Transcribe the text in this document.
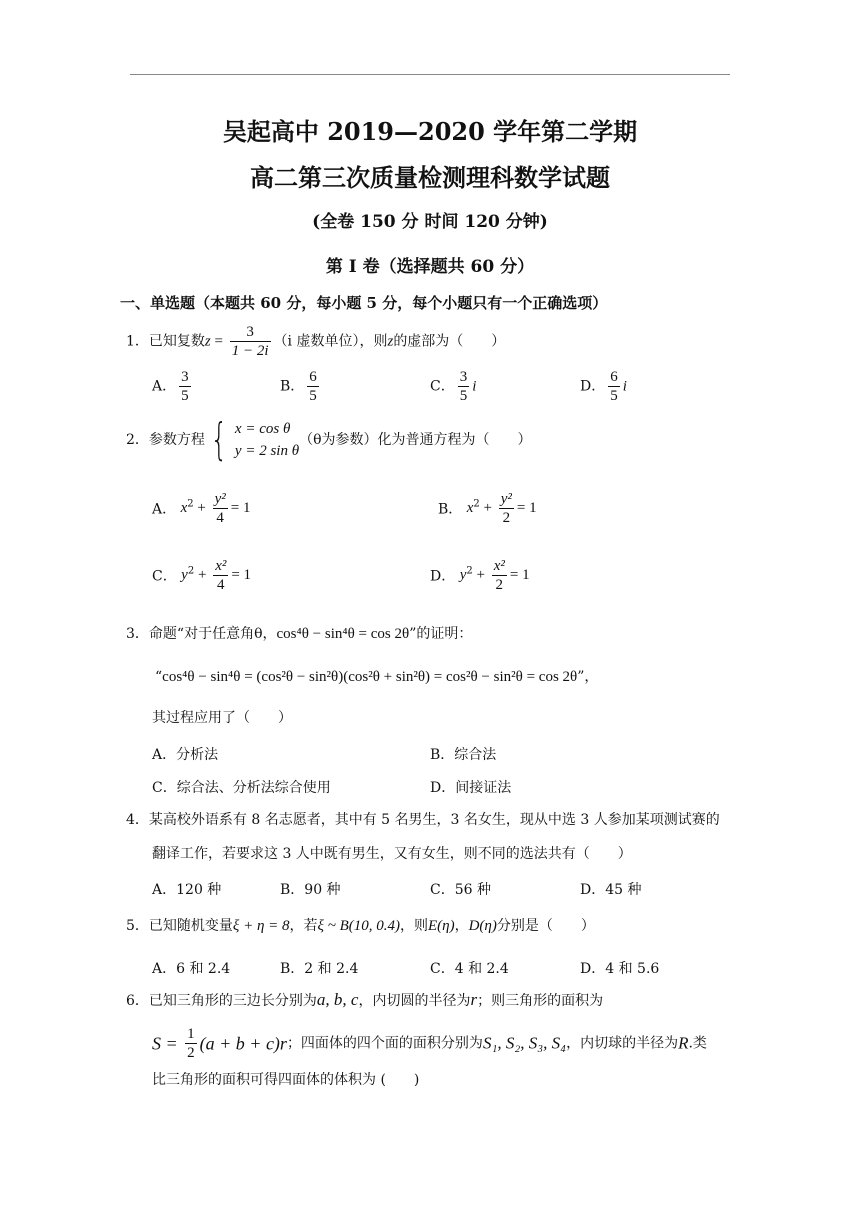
吴起高中 2019—2020 学年第二学期
高二第三次质量检测理科数学试题
(全卷 150 分 时间 120 分钟)
第 I 卷（选择题共 60 分）
一、单选题（本题共 60 分，每小题 5 分，每个小题只有一个正确选项）
1．已知复数$z = \frac{3}{1 - 2i} (i$ 虚数单位），则z的虚部为（　　）
A． $\frac{3}{5}$	B． $\frac{6}{5}$	C． $\frac{3}{5}$ i	D． $\frac{6}{5}$ i
2．参数方程 { x = cos θ
y = 2 sin θ
（θ为参数）化为普通方程为（　　）
A． $x^2 + \frac{\text{y²}}{4} = 1$	B． $x^2 + \frac{\text{y²}}{2} = 1$
C． $y^2 + \frac{\text{x²}}{4} = 1$	D． $y^2 + \frac{\text{x²}}{2} = 1$
3．命题“对于任意角θ，cos⁴θ − sin⁴θ = cos 2θ”的证明：
“cos⁴θ − sin⁴θ = (cos²θ − sin²θ)(cos²θ + sin²θ) = cos²θ − sin²θ = cos 2θ”，
其过程应用了（　　）
A．分析法	B．综合法
C．综合法、分析法综合使用	D．间接证法
4．某高校外语系有 8 名志愿者，其中有 5 名男生，3 名女生，现从中选 3 人参加某项测试赛的
翻译工作，若要求这 3 人中既有男生，又有女生，则不同的选法共有（　　）
A．120 种	B．90 种	C．56 种	D．45 种
5．已知随机变量ξ + η = 8，若ξ ~ B(10, 0.4)，则E(η)，D(η)分别是（　　）
A．6 和 2.4	B．2 和 2.4	C．4 和 2.4	D．4 和 5.6
6．已知三角形的三边长分别为a, b, c，内切圆的半径为r；则三角形的面积为
$S = \frac{1}{2} (a + b + c)r$；四面体的四个面的面积分别为S₁, S₂, S₃, S₄，内切球的半径为R.类
比三角形的面积可得四面体的体积为 (　　)
